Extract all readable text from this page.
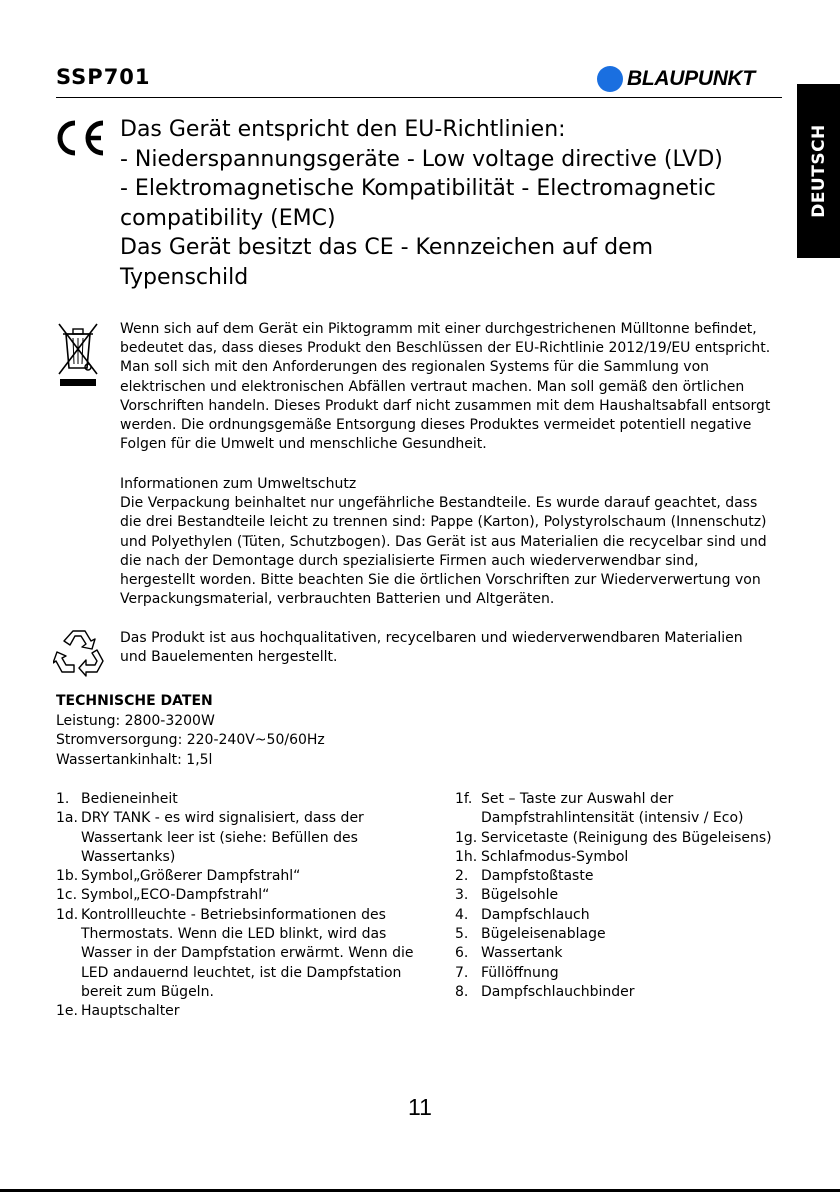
SSP701	BLAUPUNKT
DEUTSCH
Das Gerät entspricht den EU-Richtlinien:
- Niederspannungsgeräte - Low voltage directive (LVD)
- Elektromagnetische Kompatibilität - Electromagnetic
compatibility (EMC)
Das Gerät besitzt das CE - Kennzeichen auf dem
Typenschild
Wenn sich auf dem Gerät ein Piktogramm mit einer durchgestrichenen Mülltonne befindet,
bedeutet das, dass dieses Produkt den Beschlüssen der EU-Richtlinie 2012/19/EU entspricht.
Man soll sich mit den Anforderungen des regionalen Systems für die Sammlung von
elektrischen und elektronischen Abfällen vertraut machen. Man soll gemäß den örtlichen
Vorschriften handeln. Dieses Produkt darf nicht zusammen mit dem Haushaltsabfall entsorgt
werden. Die ordnungsgemäße Entsorgung dieses Produktes vermeidet potentiell negative
Folgen für die Umwelt und menschliche Gesundheit.
Informationen zum Umweltschutz
Die Verpackung beinhaltet nur ungefährliche Bestandteile. Es wurde darauf geachtet, dass
die drei Bestandteile leicht zu trennen sind: Pappe (Karton), Polystyrolschaum (Innenschutz)
und Polyethylen (Tüten, Schutzbogen). Das Gerät ist aus Materialien die recycelbar sind und
die nach der Demontage durch spezialisierte Firmen auch wiederverwendbar sind,
hergestellt worden. Bitte beachten Sie die örtlichen Vorschriften zur Wiederverwertung von
Verpackungsmaterial, verbrauchten Batterien und Altgeräten.
Das Produkt ist aus hochqualitativen, recycelbaren und wiederverwendbaren Materialien
und Bauelementen hergestellt.
TECHNISCHE DATEN
Leistung: 2800-3200W
Stromversorgung: 220-240V~50/60Hz
Wassertankinhalt: 1,5l
1. Bedieneinheit
1a. DRY TANK - es wird signalisiert, dass der
Wassertank leer ist (siehe: Befüllen des
Wassertanks)
1b. Symbol„Größerer Dampfstrahl“
1c. Symbol„ECO-Dampfstrahl“
1d. Kontrollleuchte - Betriebsinformationen des
Thermostats. Wenn die LED blinkt, wird das
Wasser in der Dampfstation erwärmt. Wenn die
LED andauernd leuchtet, ist die Dampfstation
bereit zum Bügeln.
1e. Hauptschalter
1f. Set – Taste zur Auswahl der
Dampfstrahlintensität (intensiv / Eco)
1g. Servicetaste (Reinigung des Bügeleisens)
1h. Schlafmodus-Symbol
2. Dampfstoßtaste
3. Bügelsohle
4. Dampfschlauch
5. Bügeleisenablage
6. Wassertank
7. Füllöffnung
8. Dampfschlauchbinder
11
